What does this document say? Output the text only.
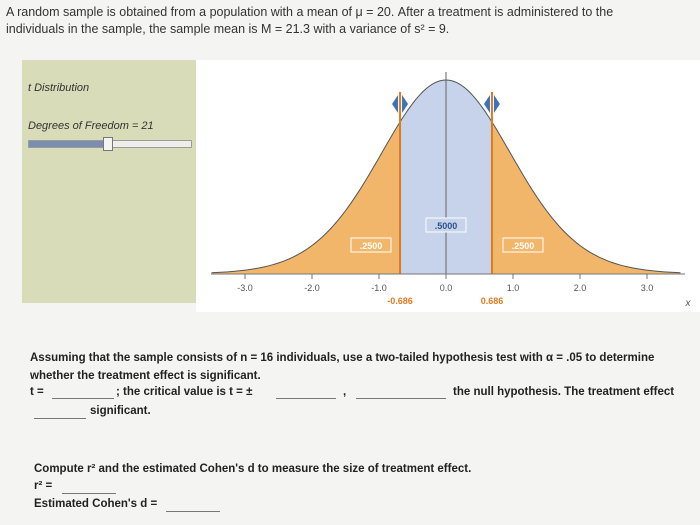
A random sample is obtained from a population with a mean of μ = 20. After a treatment is administered to the
individuals in the sample, the sample mean is M = 21.3 with a variance of s² = 9.
t Distribution
Degrees of Freedom = 21
-3.0	-2.0	-1.0	0.0	1.0	2.0	3.0
x
-0.686	0.686
.2500
.5000
.2500
Assuming that the sample consists of n = 16 individuals, use a two-tailed hypothesis test with α = .05 to determine
whether the treatment effect is significant.
t =	; the critical value is t = ±	,	the null hypothesis. The treatment effect
significant.
Compute r² and the estimated Cohen's d to measure the size of treatment effect.
r² =
Estimated Cohen's d =
